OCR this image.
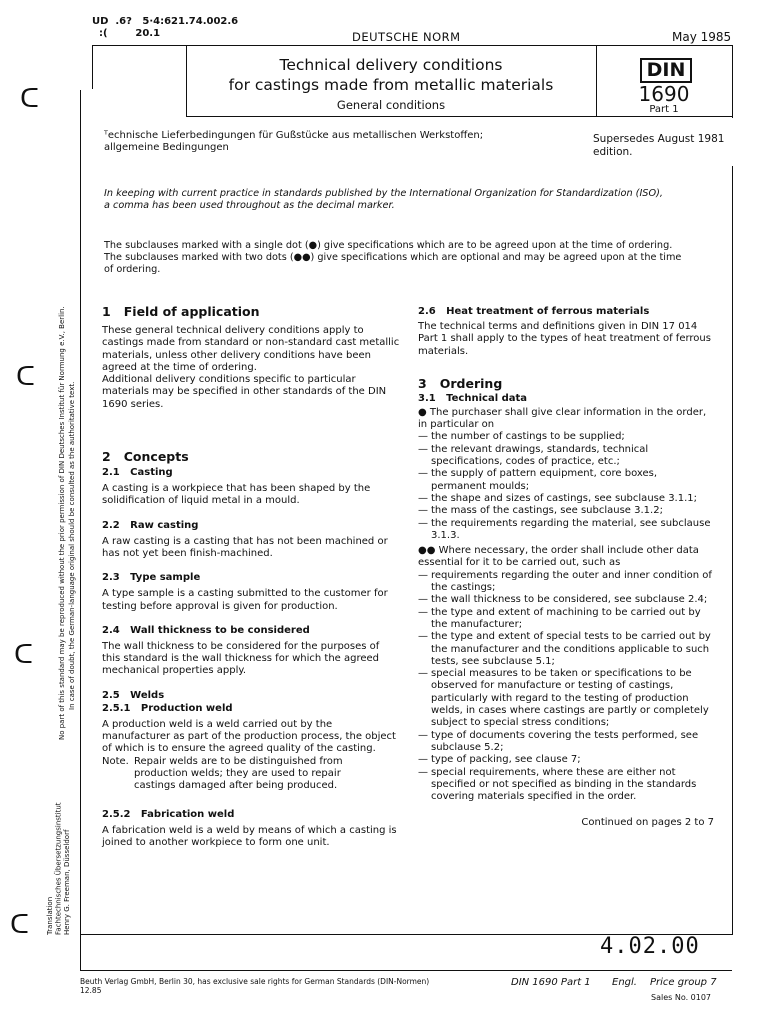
ᑕ
ᑕ
ᑕ
ᑕ
UD  .6?   ⁠5·4:621.74.002.6
:(        20.1	DEUTSCHE NORM	May 1985
Technical delivery conditions
for castings made from metallic materials
General conditions
DIN
1690
Part 1
ᵀechnische Lieferbedingungen für Gußstücke aus metallischen Werkstoffen;
allgemeine Bedingungen
Supersedes August 1981
edition.
In keeping with current practice in standards published by the International Organization for Standardization (ISO),
a comma has been used throughout as the decimal marker.
The subclauses marked with a single dot (●) give specifications which are to be agreed upon at the time of ordering.
The subclauses marked with two dots (●●) give specifications which are optional and may be agreed upon at the time
of ordering.
1   Field of application
These general technical delivery conditions apply to castings made from standard or non-standard cast metallic materials, unless other delivery conditions have been agreed at the time of ordering.
Additional delivery conditions specific to particular materials may be specified in other standards of the DIN 1690 series.
2   Concepts
2.1   Casting
A casting is a workpiece that has been shaped by the solidification of liquid metal in a mould.
2.2   Raw casting
A raw casting is a casting that has not been machined or has not yet been finish-machined.
2.3   Type sample
A type sample is a casting submitted to the customer for testing before approval is given for production.
2.4   Wall thickness to be considered
The wall thickness to be considered for the purposes of this standard is the wall thickness for which the agreed mechanical properties apply.
2.5   Welds
2.5.1   Production weld
A production weld is a weld carried out by the manufacturer as part of the production process, the object of which is to ensure the agreed quality of the casting.
Note. Repair welds are to be distinguished from production welds; they are used to repair castings damaged after being produced.
2.5.2   Fabrication weld
A fabrication weld is a weld by means of which a casting is joined to another workpiece to form one unit.
2.6   Heat treatment of ferrous materials
The technical terms and definitions given in DIN 17 014 Part 1 shall apply to the types of heat treatment of ferrous materials.
3   Ordering
3.1   Technical data
● The purchaser shall give clear information in the order, in particular on
— the number of castings to be supplied;
— the relevant drawings, standards, technical specifications, codes of practice, etc.;
— the supply of pattern equipment, core boxes, permanent moulds;
— the shape and sizes of castings, see subclause 3.1.1;
— the mass of the castings, see subclause 3.1.2;
— the requirements regarding the material, see subclause 3.1.3.
●● Where necessary, the order shall include other data essential for it to be carried out, such as
— requirements regarding the outer and inner condition of the castings;
— the wall thickness to be considered, see subclause 2.4;
— the type and extent of machining to be carried out by the manufacturer;
— the type and extent of special tests to be carried out by the manufacturer and the conditions applicable to such tests, see subclause 5.1;
— special measures to be taken or specifications to be observed for manufacture or testing of castings, particularly with regard to the testing of production welds, in cases where castings are partly or completely subject to special stress conditions;
— type of documents covering the tests performed, see subclause 5.2;
— type of packing, see clause 7;
— special requirements, where these are either not specified or not specified as binding in the standards covering materials specified in the order.
Continued on pages 2 to 7
No part of this standard may be reproduced without the prior permission of DIN Deutsches Institut für Normung e.V., Berlin. In case of doubt, the German-language original should be consulted as the authoritative text.
Translation Fachtechnisches Übersetzungsinstitut Henry G. Freeman, Düsseldorf
4.02.00
Beuth Verlag GmbH, Berlin 30, has exclusive sale rights for German Standards (DIN-Normen)
12.85
DIN 1690 Part 1 Engl. Price group 7
Sales No. 0107
